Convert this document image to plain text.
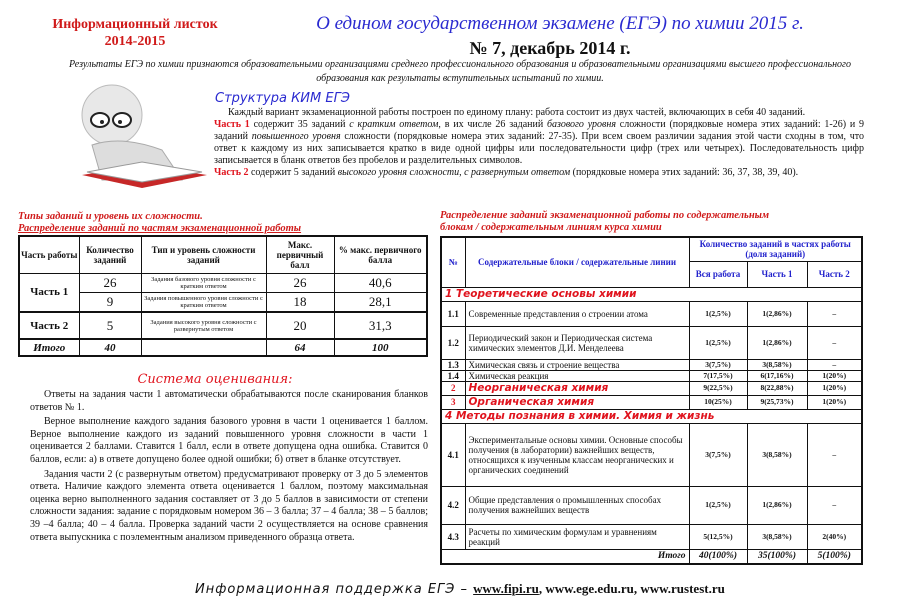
Информационный листок
2014-2015
О едином государственном экзамене (ЕГЭ) по химии 2015 г.
№ 7, декабрь 2014 г.
Результаты ЕГЭ по химии признаются образовательными организациями среднего профессионального образования и образовательными организациями высшего профессионального образования как результаты вступительных испытаний по химии.
Структура КИМ ЕГЭ

Каждый вариант экзаменационной работы построен по единому плану: работа состоит из двух частей, включающих в себя 40 заданий.

Часть 1 содержит 35 заданий с кратким ответом, в их числе 26 заданий базового уровня сложности (порядковые номера этих заданий: 1-26) и 9 заданий повышенного уровня сложности (порядковые номера этих заданий: 27-35). При всем своем различии задания этой части сходны в том, что ответ к каждому из них записывается кратко в виде одной цифры или последовательности цифр (трех или четырех). Последовательность цифр записывается в бланк ответов без пробелов и разделительных символов.

Часть 2 содержит 5 заданий высокого уровня сложности, с развернутым ответом (порядковые номера этих заданий: 36, 37, 38, 39, 40).

Типы заданий и уровень их сложности.
Распределение заданий по частям экзаменационной работы
Часть работы	Количество заданий	Тип и уровень сложности заданий	Макс. первичный балл	% макс. первичного балла
Часть 1	26	Задания базового уровня сложности с кратким ответом	26	40,6
	9	Задания повышенного уровня сложности с кратким ответом	18	28,1
Часть 2	5	Задания высокого уровня сложности с развернутым ответом	20	31,3
Итого	40		64	100
Система оценивания:

Ответы на задания части 1 автоматически обрабатываются после сканирования бланков ответов № 1.

Верное выполнение каждого задания базового уровня в части 1 оценивается 1 баллом. Верное выполнение каждого из заданий повышенного уровня сложности в части 1 оценивается 2 баллами. Ставится 1 балл, если в ответе допущена одна ошибка. Ставится 0 баллов, если: а) в ответе допущено более одной ошибки; б) ответ в бланке отсутствует.

Задания части 2 (с развернутым ответом) предусматривают проверку от 3 до 5 элементов ответа. Наличие каждого элемента ответа оценивается 1 баллом, поэтому максимальная оценка верно выполненного задания составляет от 3 до 5 баллов в зависимости от степени сложности задания: задание с порядковым номером 36 – 3 балла; 37 – 4 балла; 38 – 5 баллов; 39 –4 балла; 40 – 4 балла. Проверка заданий части 2 осуществляется на основе сравнения ответа выпускника с поэлементным анализом приведенного образца ответа.

Распределение заданий экзаменационной работы по содержательным
блокам / содержательным линиям курса химии
№	Содержательные блоки / содержательные линии	Количество заданий в частях работы (доля заданий)		
		Вся работа	Часть 1	Часть 2
1 Теоретические основы химии				
1.1	Современные представления о строении атома	1(2,5%)	1(2,86%)	–
1.2	Периодический закон и Периодическая система химических элементов Д.И. Менделеева	1(2,5%)	1(2,86%)	–
1.3	Химическая связь и строение вещества	3(7,5%)	3(8,58%)	–
1.4	Химическая реакция	7(17,5%)	6(17,16%)	1(20%)
2	Неорганическая химия	9(22,5%)	8(22,88%)	1(20%)
3	Органическая химия	10(25%)	9(25,73%)	1(20%)
4 Методы познания в химии. Химия и жизнь				
4.1	Экспериментальные основы химии. Основные способы получения (в лаборатории) важнейших веществ, относящихся к изученным классам неорганических и органических соединений	3(7,5%)	3(8,58%)	–
4.2	Общие представления о промышленных способах получения важнейших веществ	1(2,5%)	1(2,86%)	–
4.3	Расчеты по химическим формулам и уравнениям реакций	5(12,5%)	3(8,58%)	2(40%)
Итого		40(100%)	35(100%)	5(100%)
Информационная поддержка ЕГЭ – www.fipi.ru, www.ege.edu.ru, www.rustest.ru
